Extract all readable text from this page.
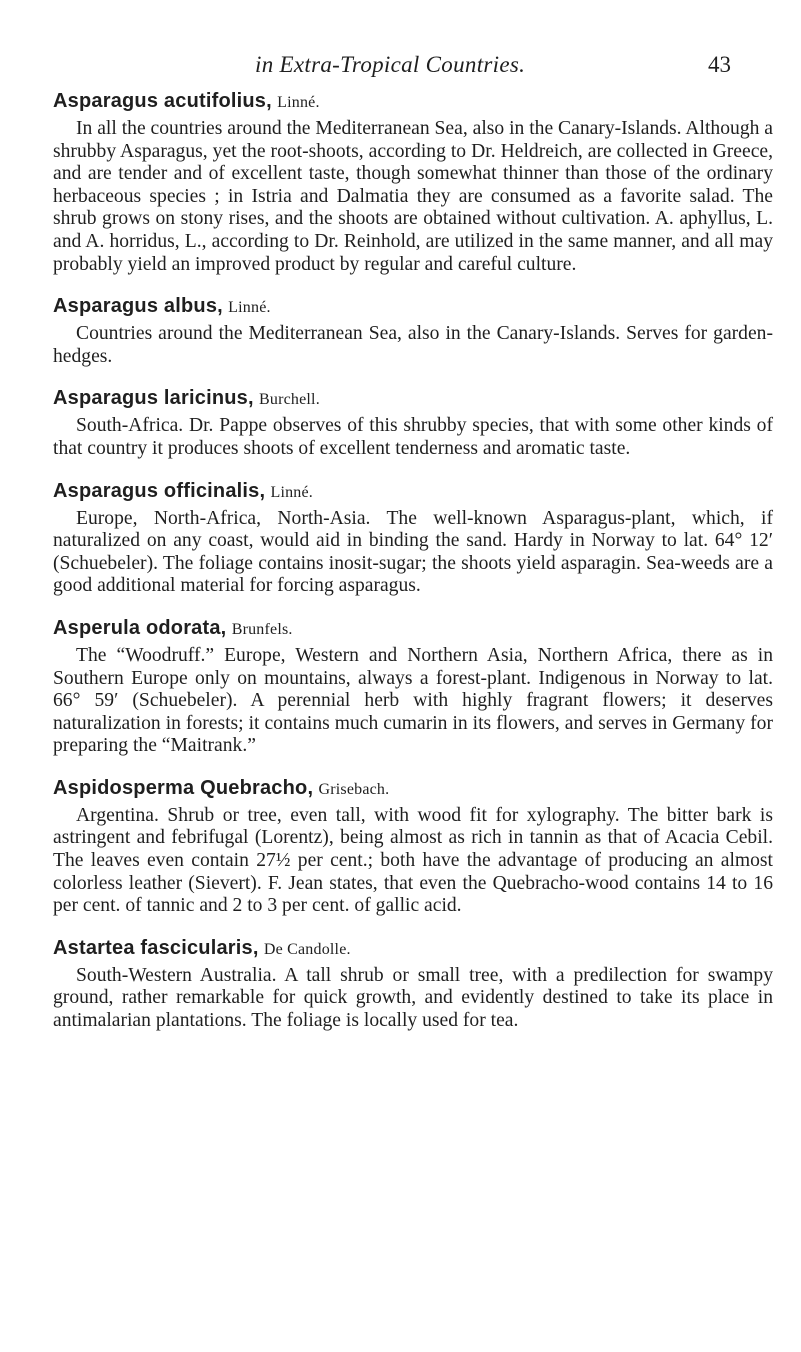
in Extra-Tropical Countries.	43
Asparagus acutifolius, Linné.

In all the countries around the Mediterranean Sea, also in the Canary-Islands. Although a shrubby Asparagus, yet the root-shoots, according to Dr. Heldreich, are collected in Greece, and are tender and of excellent taste, though somewhat thinner than those of the ordinary herbaceous species ; in Istria and Dalmatia they are consumed as a favorite salad. The shrub grows on stony rises, and the shoots are obtained without cultivation. A. aphyllus, L. and A. horridus, L., according to Dr. Reinhold, are utilized in the same manner, and all may probably yield an improved product by regular and careful culture.

Asparagus albus, Linné.

Countries around the Mediterranean Sea, also in the Canary-Islands. Serves for garden-hedges.

Asparagus laricinus, Burchell.

South-Africa. Dr. Pappe observes of this shrubby species, that with some other kinds of that country it produces shoots of excellent tenderness and aromatic taste.

Asparagus officinalis, Linné.

Europe, North-Africa, North-Asia. The well-known Asparagus-plant, which, if naturalized on any coast, would aid in binding the sand. Hardy in Norway to lat. 64° 12′ (Schuebeler). The foliage contains inosit-sugar; the shoots yield asparagin. Sea-weeds are a good additional material for forcing asparagus.

Asperula odorata, Brunfels.

The “Woodruff.” Europe, Western and Northern Asia, Northern Africa, there as in Southern Europe only on mountains, always a forest-plant. Indigenous in Norway to lat. 66° 59′ (Schuebeler). A perennial herb with highly fragrant flowers; it deserves naturalization in forests; it contains much cumarin in its flowers, and serves in Germany for preparing the “Maitrank.”

Aspidosperma Quebracho, Grisebach.

Argentina. Shrub or tree, even tall, with wood fit for xylography. The bitter bark is astringent and febrifugal (Lorentz), being almost as rich in tannin as that of Acacia Cebil. The leaves even contain 27½ per cent.; both have the advantage of producing an almost colorless leather (Sievert). F. Jean states, that even the Quebracho-wood contains 14 to 16 per cent. of tannic and 2 to 3 per cent. of gallic acid.

Astartea fascicularis, De Candolle.

South-Western Australia. A tall shrub or small tree, with a predilection for swampy ground, rather remarkable for quick growth, and evidently destined to take its place in antimalarian plantations. The foliage is locally used for tea.
